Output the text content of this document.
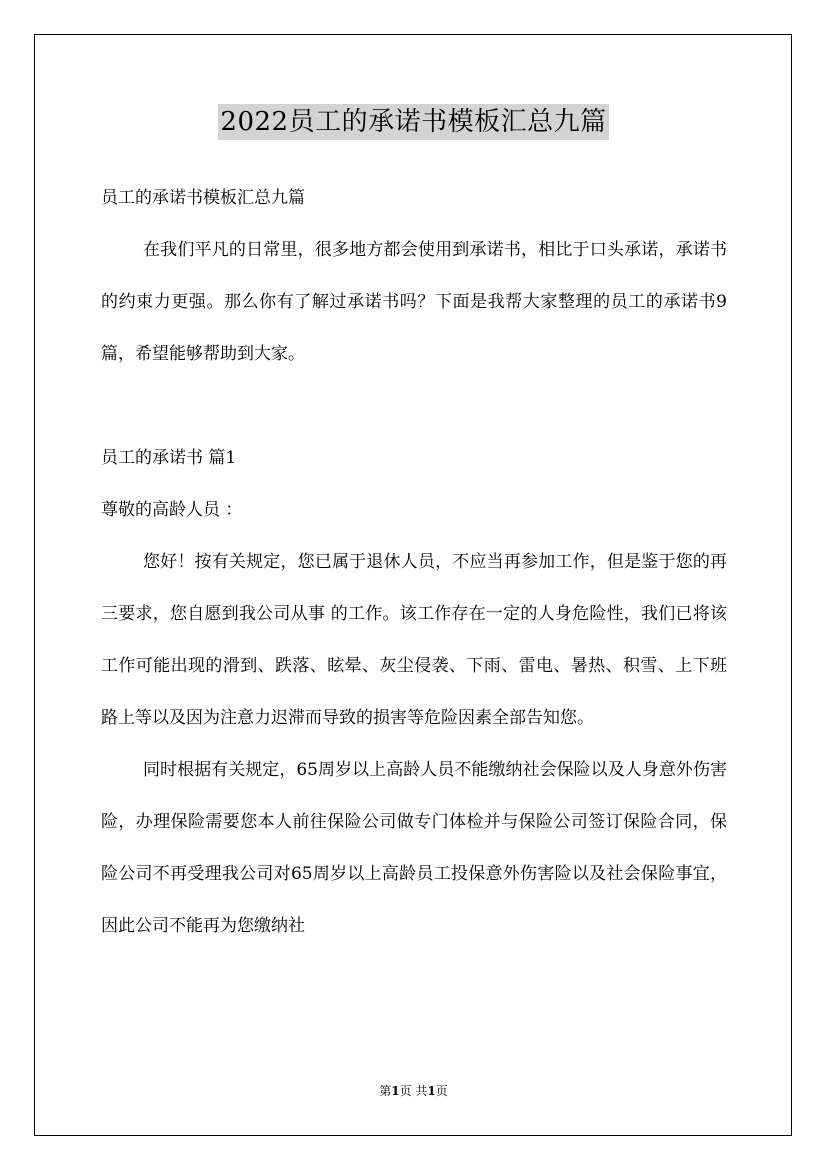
2022员工的承诺书模板汇总九篇

员工的承诺书模板汇总九篇

在我们平凡的日常里，很多地方都会使用到承诺书，相比于口头承诺，承诺书的约束力更强。那么你有了解过承诺书吗？下面是我帮大家整理的员工的承诺书9篇，希望能够帮助到大家。

员工的承诺书 篇1

尊敬的高龄人员 ：

您好！按有关规定，您已属于退休人员，不应当再参加工作，但是鉴于您的再三要求，您自愿到我公司从事 的工作。该工作存在一定的人身危险性，我们已将该工作可能出现的滑到、跌落、眩晕、灰尘侵袭、下雨、雷电、暑热、积雪、上下班路上等以及因为注意力迟滞而导致的损害等危险因素全部告知您。

同时根据有关规定，65周岁以上高龄人员不能缴纳社会保险以及人身意外伤害险，办理保险需要您本人前往保险公司做专门体检并与保险公司签订保险合同，保险公司不再受理我公司对65周岁以上高龄员工投保意外伤害险以及社会保险事宜，因此公司不能再为您缴纳社

第1页 共1页
